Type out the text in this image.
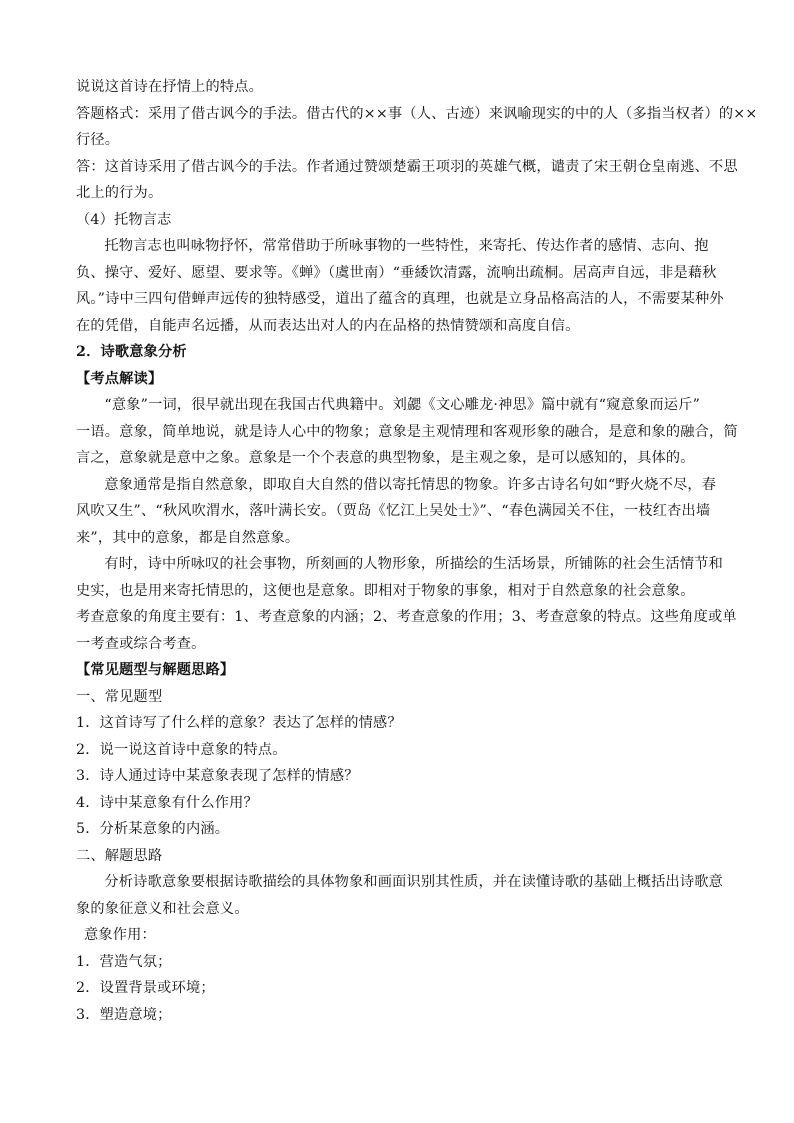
说说这首诗在抒情上的特点。
答题格式：采用了借古讽今的手法。借古代的××事（人、古迹）来讽喻现实的中的人（多指当权者）的××
行径。
答：这首诗采用了借古讽今的手法。作者通过赞颂楚霸王项羽的英雄气概，谴责了宋王朝仓皇南逃、不思
北上的行为。
（4）托物言志
托物言志也叫咏物抒怀，常常借助于所咏事物的一些特性，来寄托、传达作者的感情、志向、抱
负、操守、爱好、愿望、要求等。《蝉》（虞世南）“垂緌饮清露，流响出疏桐。居高声自远，非是藉秋
风。”诗中三四句借蝉声远传的独特感受，道出了蕴含的真理，也就是立身品格高洁的人，不需要某种外
在的凭借，自能声名远播，从而表达出对人的内在品格的热情赞颂和高度自信。
2．诗歌意象分析
【考点解读】
“意象”一词，很早就出现在我国古代典籍中。刘勰《文心雕龙·神思》篇中就有“窥意象而运斤”
一语。意象，简单地说，就是诗人心中的物象；意象是主观情理和客观形象的融合，是意和象的融合，简
言之，意象就是意中之象。意象是一个个表意的典型物象，是主观之象，是可以感知的，具体的。
意象通常是指自然意象，即取自大自然的借以寄托情思的物象。许多古诗名句如“野火烧不尽，春
风吹又生”、“秋风吹渭水，落叶满长安。（贾岛《忆江上吴处士》”、“春色满园关不住，一枝红杏出墙
来”，其中的意象，都是自然意象。
有时，诗中所咏叹的社会事物，所刻画的人物形象，所描绘的生活场景，所铺陈的社会生活情节和
史实，也是用来寄托情思的，这便也是意象。即相对于物象的事象，相对于自然意象的社会意象。
考查意象的角度主要有：1、考查意象的内涵；2、考查意象的作用；3、考查意象的特点。这些角度或单
一考查或综合考查。
【常见题型与解题思路】
一、常见题型
1．这首诗写了什么样的意象？表达了怎样的情感？
2．说一说这首诗中意象的特点。
3．诗人通过诗中某意象表现了怎样的情感？
4．诗中某意象有什么作用？
5．分析某意象的内涵。
二、解题思路
分析诗歌意象要根据诗歌描绘的具体物象和画面识别其性质，并在读懂诗歌的基础上概括出诗歌意
象的象征意义和社会意义。
意象作用：
1．营造气氛；
2．设置背景或环境；
3．塑造意境；
